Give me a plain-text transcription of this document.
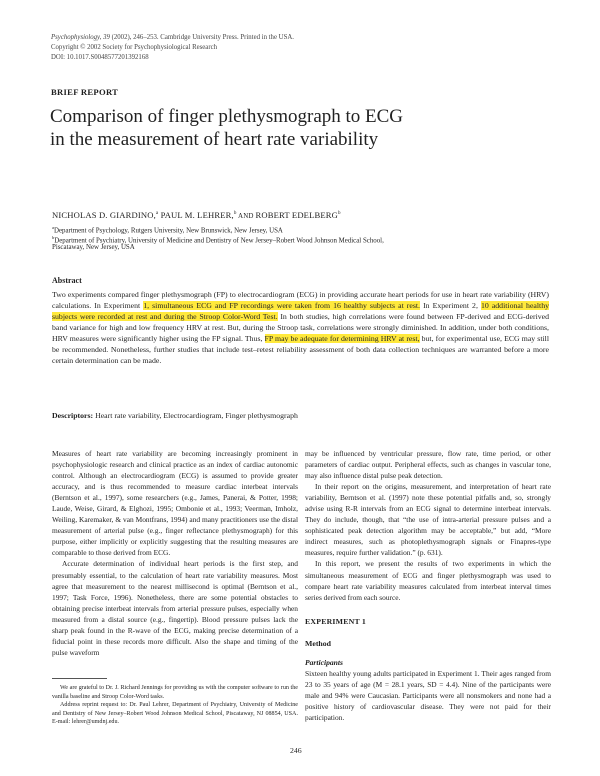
Psychophysiology, 39 (2002), 246–253. Cambridge University Press. Printed in the USA.
Copyright © 2002 Society for Psychophysiological Research
DOI: 10.1017.S0048577201392168
BRIEF REPORT
Comparison of finger plethysmograph to ECG
in the measurement of heart rate variability
NICHOLAS D. GIARDINO,$^a$ PAUL M. LEHRER,$^b$ AND ROBERT EDELBERG$^b$
$^a$Department of Psychology, Rutgers University, New Brunswick, New Jersey, USA
$^b$Department of Psychiatry, University of Medicine and Dentistry of New Jersey–Robert Wood Johnson Medical School,
Piscataway, New Jersey, USA
Abstract
Two experiments compared finger plethysmograph (FP) to electrocardiogram (ECG) in providing accurate heart periods for use in heart rate variability (HRV) calculations. In Experiment 1, simultaneous ECG and FP recordings were taken from 16 healthy subjects at rest. In Experiment 2, 10 additional healthy subjects were recorded at rest and during the Stroop Color-Word Test. In both studies, high correlations were found between FP-derived and ECG-derived band variance for high and low frequency HRV at rest. But, during the Stroop task, correlations were strongly diminished. In addition, under both conditions, HRV measures were significantly higher using the FP signal. Thus, FP may be adequate for determining HRV at rest, but, for experimental use, ECG may still be recommended. Nonetheless, further studies that include test–retest reliability assessment of both data collection techniques are warranted before a more certain determination can be made.
Descriptors: Heart rate variability, Electrocardiogram, Finger plethysmograph

Measures of heart rate variability are becoming increasingly prominent in psychophysiologic research and clinical practice as an index of cardiac autonomic control. Although an electrocardiogram (ECG) is assumed to provide greater accuracy, and is thus recommended to measure cardiac interbeat intervals (Berntson et al., 1997), some researchers (e.g., James, Panerai, & Potter, 1998; Laude, Weise, Girard, & Elghozi, 1995; Ombonie et al., 1993; Veerman, Imholz, Weiling, Karemaker, & van Montfrans, 1994) and many practitioners use the distal measurement of arterial pulse (e.g., finger reflectance plethysmograph) for this purpose, either implicitly or explicitly suggesting that the resulting measures are comparable to those derived from ECG.

Accurate determination of individual heart periods is the first step, and presumably essential, to the calculation of heart rate variability measures. Most agree that measurement to the nearest millisecond is optimal (Berntson et al., 1997; Task Force, 1996). Nonetheless, there are some potential obstacles to obtaining precise interbeat intervals from arterial pressure pulses, especially when measured from a distal source (e.g., fingertip). Blood pressure pulses lack the sharp peak found in the R-wave of the ECG, making precise determination of a fiducial point in these records more difficult. Also the shape and timing of the pulse waveform

We are grateful to Dr. J. Richard Jennings for providing us with the computer software to run the vanilla baseline and Stroop Color-Word tasks.

Address reprint request to: Dr. Paul Lehrer, Department of Psychiatry, University of Medicine and Dentistry of New Jersey–Robert Wood Johnson Medical School, Piscataway, NJ 08854, USA. E-mail: lehrer@umdnj.edu.

may be influenced by ventricular pressure, flow rate, time period, or other parameters of cardiac output. Peripheral effects, such as changes in vascular tone, may also influence distal pulse peak detection.

In their report on the origins, measurement, and interpretation of heart rate variability, Berntson et al. (1997) note these potential pitfalls and, so, strongly advise using R-R intervals from an ECG signal to determine interbeat intervals. They do include, though, that “the use of intra-arterial pressure pulses and a sophisticated peak detection algorithm may be acceptable,” but add, “More indirect measures, such as photoplethysmograph signals or Finapres-type measures, require further validation.” (p. 631).

In this report, we present the results of two experiments in which the simultaneous measurement of ECG and finger plethysmograph was used to compare heart rate variability measures calculated from interbeat interval times series derived from each source.

EXPERIMENT 1
Method
Participants

Sixteen healthy young adults participated in Experiment 1. Their ages ranged from 23 to 35 years of age (M = 28.1 years, SD = 4.4). Nine of the participants were male and 94% were Caucasian. Participants were all nonsmokers and none had a positive history of cardiovascular disease. They were not paid for their participation.

246
